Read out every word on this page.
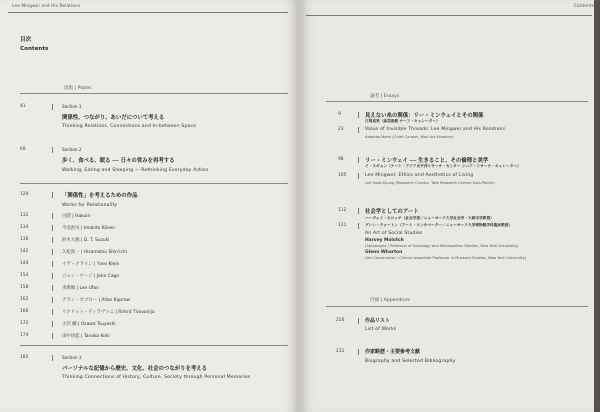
Lee Mingwei and His Relations
目次
Contents
図版 | Plates
41	Section 1
関係性、つながり、あいだについて考える
Thinking Relations, Connections and In-between Space
69	Section 2
歩く、食べる、眠る ── 日々の営みを再考する
Walking, Eating and Sleeping — Rethinking Everyday Action
129	「関係性」を考えるための作品
Works for Relationality
132	白隠 | Hakuin
134	今北洪川 | Imakita Kōsen
136	鈴木大拙 | D. T. Suzuki
142	久松真一 | Hisamatsu Shin'ichi
144	イヴ・クライン | Yves Klein
154	ジョン・ケージ | John Cage
158	李禹煥 | Lee Ufan
162	アラン・カプロー | Allan Kaprow
166	リクリット・ティラヴァニ | Rirkrit Tiravanija
172	小沢 剛 | Ozawa Tsuyoshi
174	田中功起 | Tanaka Koki
185	Section 3
パーソナルな記憶から歴史、文化、社会のつながりを考える
Thinking Connections of History, Culture, Society through Personal Memories
Contents
論考 | Essays
9	見えない糸の関係：リー・ミンウェイとその関係
片岡真実（森美術館 チーフ・キュレーター）
23	Value of Invisible Threads: Lee Mingwei and His Relations
Kataoka Mami (Chief Curator, Mori Art Museum)
98	リー・ミンウェイ ── 生きること、その倫理と美学
イ・スギョン（テート・アジア太平洋リサーチ・センター シニア・リサーチ・キュレーター）
105	Lee Mingwei: Ethics and Aesthetics of Living
Lee Sook-Kyung (Research Curator, Tate Research Centre: Asia-Pacific)
112	社会学としてのアート
ハーヴェイ・モロッチ（社会学者／ニューヨーク大学社会学・大都市学教授）
121	グレン・ウォートン（アート・コンサベーター／ニューヨーク大学博物館学科臨床教授）
An Art of Social Studies
Harvey Molotch
(Sociologist / Professor of Sociology and Metropolitan Studies, New York University)
Glenn Wharton
(Art Conservator / Clinical Associate Professor in Museum Studies, New York University)
付録 | Appendices
220	作品リスト
List of Works
231	作家略歴・主要参考文献
Biography and Selected Bibliography
